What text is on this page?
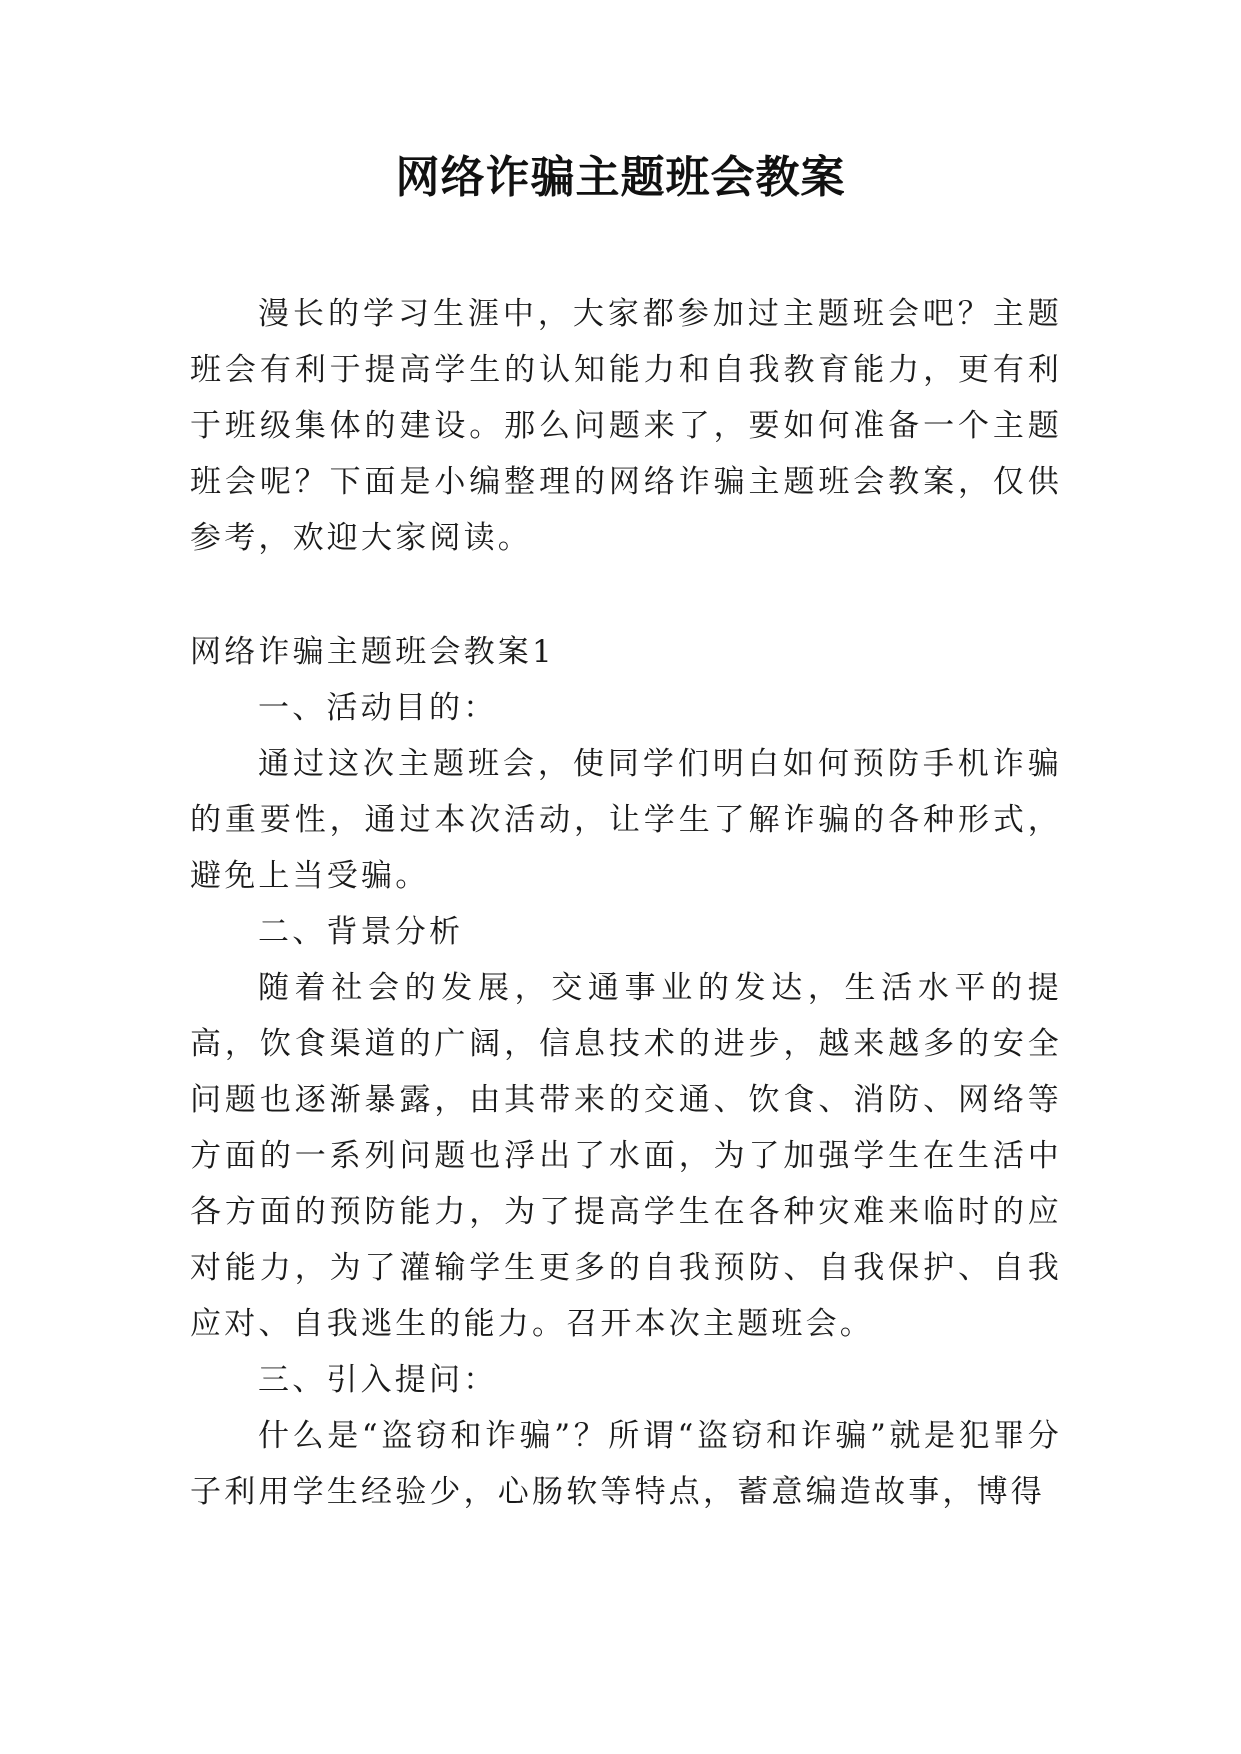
网络诈骗主题班会教案

漫长的学习生涯中，大家都参加过主题班会吧？主题班会有利于提高学生的认知能力和自我教育能力，更有利于班级集体的建设。那么问题来了，要如何准备一个主题班会呢？下面是小编整理的网络诈骗主题班会教案，仅供参考，欢迎大家阅读。

网络诈骗主题班会教案1

一、活动目的：

通过这次主题班会，使同学们明白如何预防手机诈骗的重要性，通过本次活动，让学生了解诈骗的各种形式，避免上当受骗。

二、背景分析

随着社会的发展，交通事业的发达，生活水平的提高，饮食渠道的广阔，信息技术的进步，越来越多的安全问题也逐渐暴露，由其带来的交通、饮食、消防、网络等方面的一系列问题也浮出了水面，为了加强学生在生活中各方面的预防能力，为了提高学生在各种灾难来临时的应对能力，为了灌输学生更多的自我预防、自我保护、自我应对、自我逃生的能力。召开本次主题班会。

三、引入提问：

什么是“盗窃和诈骗”？所谓“盗窃和诈骗”就是犯罪分子利用学生经验少，心肠软等特点，蓄意编造故事，博得
